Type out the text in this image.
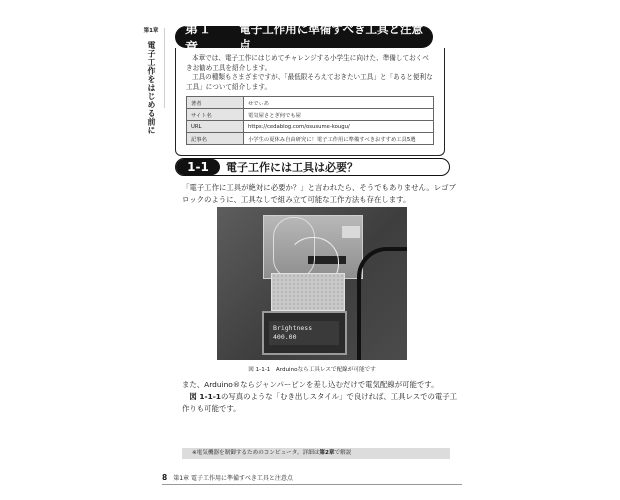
第1章
電子工作をはじめる前に
第１章
電子工作用に準備すべき工具と注意点

本章では、電子工作にはじめてチャレンジする小学生に向けた、準備しておくべきお勧め工具を紹介します。

工具の種類もさまざまですが、「最低限そろえておきたい工具」と「あると便利な工具」について紹介します。

著者	せでぃあ
サイト名	電気屋さとぎ何でも屋
URL	https://cedablog.com/osusume-kougu/
記事名	小学生の夏休み自由研究に！電子工作用に準備すべきおすすめ工具5選
1-1	電子工作には工具は必要？

「電子工作に工具が絶対に必要か？」と言われたら、そうでもありません。レゴブロックのように、工具なしで組み立て可能な工作方法も存在します。

Brightness
400.00
図 1-1-1　Arduinoなら工具レスで配線が可能です
また、Arduino®ならジャンパーピンを差し込むだけで電気配線が可能です。
　図 1-1-1の写真のような「むき出しスタイル」で良ければ、工具レスでの電子工作りも可能です。
※電気機器を制御するためのコンピュータ。詳細は第2章で解説
8 第1章 電子工作用に準備すべき工具と注意点
